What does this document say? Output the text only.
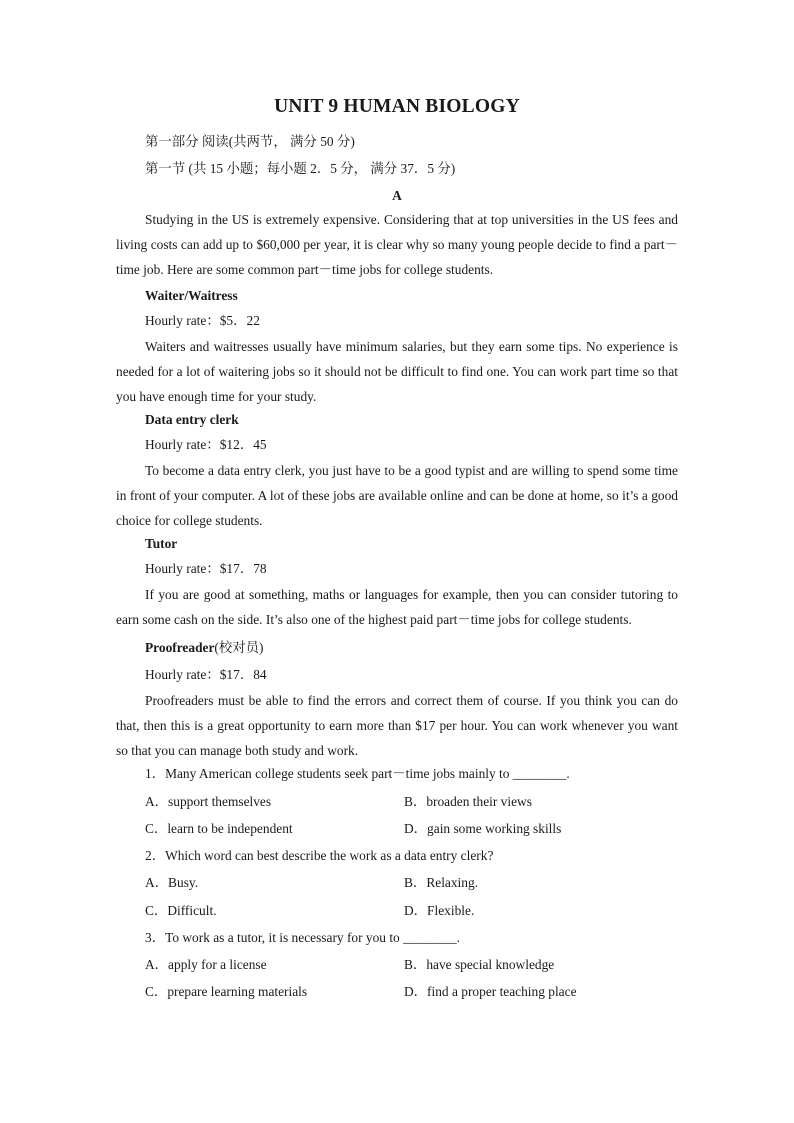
UNIT 9 HUMAN BIOLOGY
第一部分 阅读(共两节， 满分 50 分)
第一节 (共 15 小题；每小题 2．5 分， 满分 37．5 分)
A

Studying in the US is extremely expensive. Considering that at top universities in the US fees and living costs can add up to $60,000 per year, it is clear why so many young people decide to find a part－time job. Here are some common part－time jobs for college students.

Waiter/Waitress
Hourly rate：$5．22

Waiters and waitresses usually have minimum salaries, but they earn some tips. No experience is needed for a lot of waitering jobs so it should not be difficult to find one. You can work part time so that you have enough time for your study.

Data entry clerk
Hourly rate：$12．45

To become a data entry clerk, you just have to be a good typist and are willing to spend some time in front of your computer. A lot of these jobs are available online and can be done at home, so it’s a good choice for college students.

Tutor
Hourly rate：$17．78

If you are good at something, maths or languages for example, then you can consider tutoring to earn some cash on the side. It’s also one of the highest paid part－time jobs for college students.

Proofreader(校对员)
Hourly rate：$17．84

Proofreaders must be able to find the errors and correct them of course. If you think you can do that, then this is a great opportunity to earn more than $17 per hour. You can work whenever you want so that you can manage both study and work.

1．Many American college students seek part－time jobs mainly to ________.
A．support themselves	B．broaden their views
C．learn to be independent	D．gain some working skills
2．Which word can best describe the work as a data entry clerk?
A．Busy.	B．Relaxing.
C．Difficult.	D．Flexible.
3．To work as a tutor, it is necessary for you to ________.
A．apply for a license	B．have special knowledge
C．prepare learning materials	D．find a proper teaching place
